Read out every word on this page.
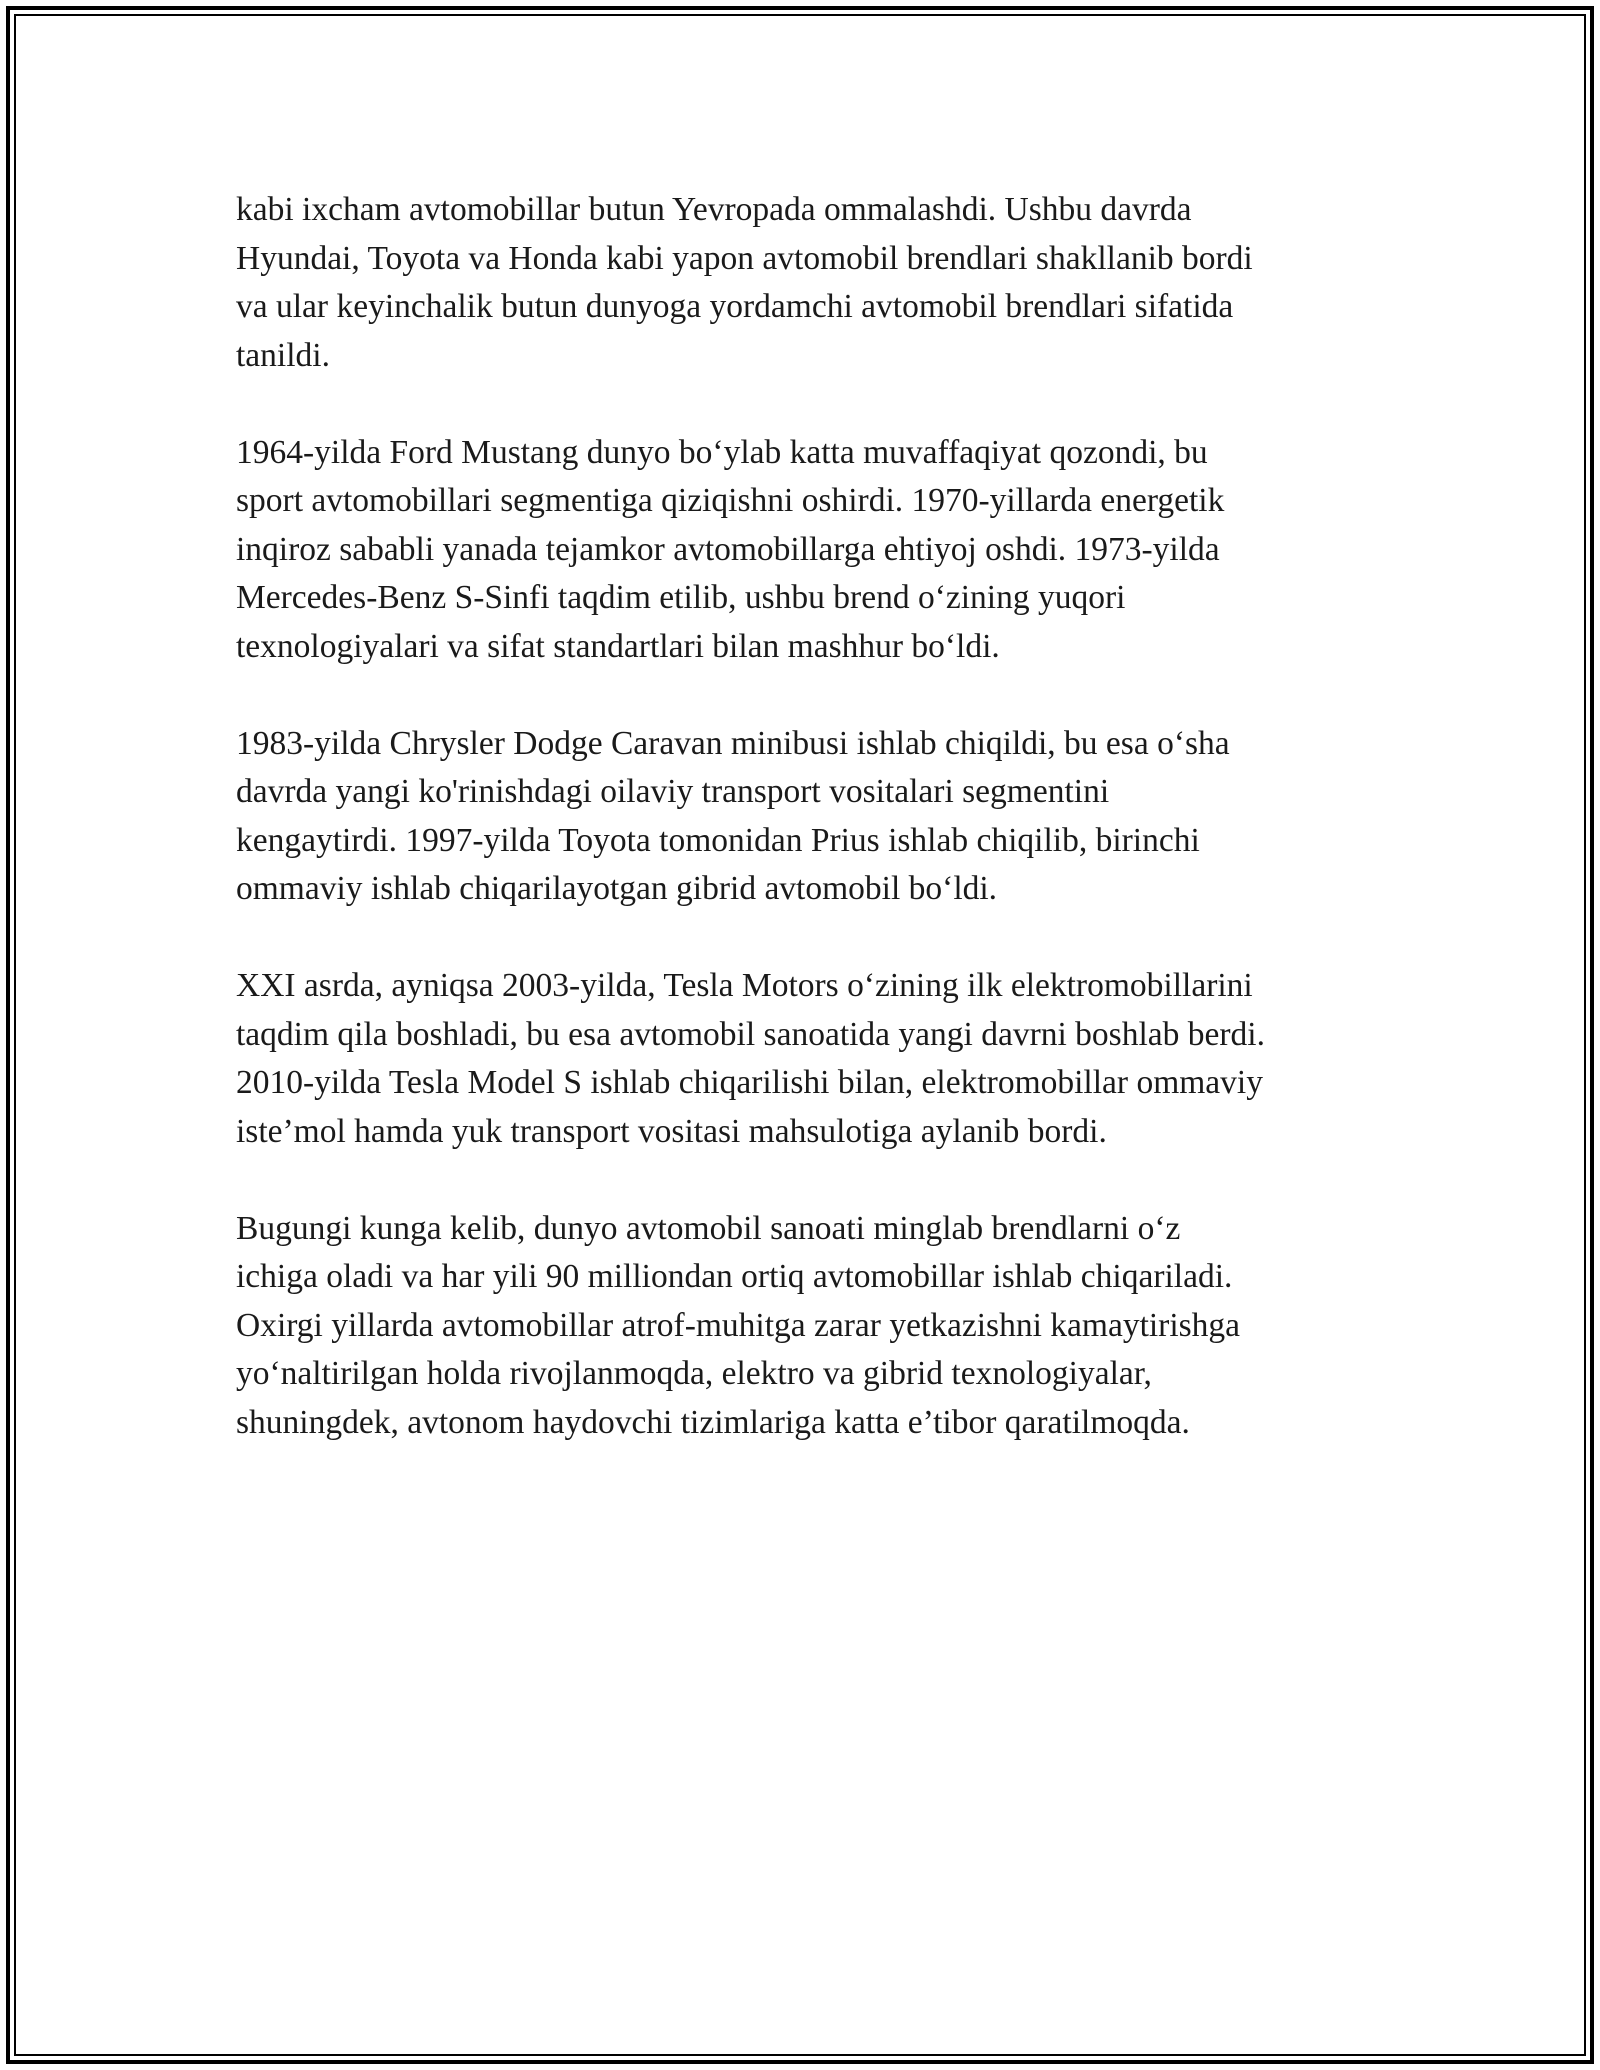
kabi ixcham avtomobillar butun Yevropada ommalashdi. Ushbu davrda
Hyundai, Toyota va Honda kabi yapon avtomobil brendlari shakllanib bordi
va ular keyinchalik butun dunyoga yordamchi avtomobil brendlari sifatida
tanildi.

1964-yilda Ford Mustang dunyo bo‘ylab katta muvaffaqiyat qozondi, bu
sport avtomobillari segmentiga qiziqishni oshirdi. 1970-yillarda energetik
inqiroz sababli yanada tejamkor avtomobillarga ehtiyoj oshdi. 1973-yilda
Mercedes-Benz S-Sinfi taqdim etilib, ushbu brend o‘zining yuqori
texnologiyalari va sifat standartlari bilan mashhur bo‘ldi.

1983-yilda Chrysler Dodge Caravan minibusi ishlab chiqildi, bu esa o‘sha
davrda yangi ko'rinishdagi oilaviy transport vositalari segmentini
kengaytirdi. 1997-yilda Toyota tomonidan Prius ishlab chiqilib, birinchi
ommaviy ishlab chiqarilayotgan gibrid avtomobil bo‘ldi.

XXI asrda, ayniqsa 2003-yilda, Tesla Motors o‘zining ilk elektromobillarini
taqdim qila boshladi, bu esa avtomobil sanoatida yangi davrni boshlab berdi.
2010-yilda Tesla Model S ishlab chiqarilishi bilan, elektromobillar ommaviy
iste’mol hamda yuk transport vositasi mahsulotiga aylanib bordi.

Bugungi kunga kelib, dunyo avtomobil sanoati minglab brendlarni o‘z
ichiga oladi va har yili 90 milliondan ortiq avtomobillar ishlab chiqariladi.
Oxirgi yillarda avtomobillar atrof-muhitga zarar yetkazishni kamaytirishga
yo‘naltirilgan holda rivojlanmoqda, elektro va gibrid texnologiyalar,
shuningdek, avtonom haydovchi tizimlariga katta e’tibor qaratilmoqda.
